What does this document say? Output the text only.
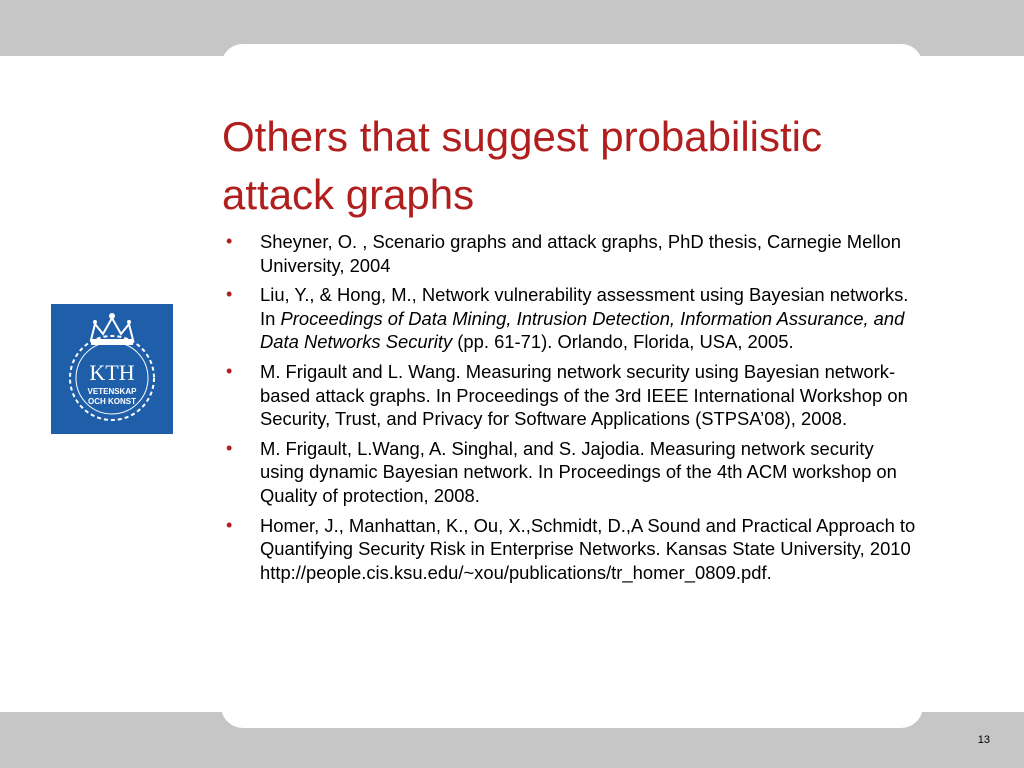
Others that suggest probabilistic attack graphs
• Sheyner, O. , Scenario graphs and attack graphs, PhD thesis, Carnegie Mellon University, 2004
• Liu, Y., & Hong, M., Network vulnerability assessment using Bayesian networks. In Proceedings of Data Mining, Intrusion Detection, Information Assurance, and Data Networks Security (pp. 61-71). Orlando, Florida, USA, 2005.
• M. Frigault and L. Wang. Measuring network security using Bayesian network-based attack graphs. In Proceedings of the 3rd IEEE International Workshop on Security, Trust, and Privacy for Software Applications (STPSA’08), 2008.
• M. Frigault, L.Wang, A. Singhal, and S. Jajodia. Measuring network security using dynamic Bayesian network. In Proceedings of the 4th ACM workshop on Quality of protection, 2008.
• Homer, J., Manhattan, K., Ou, X.,Schmidt, D.,A Sound and Practical Approach to Quantifying Security Risk in Enterprise Networks. Kansas State University, 2010 http://people.cis.ksu.edu/~xou/publications/tr_homer_0809.pdf.
KTH
VETENSKAP
OCH KONST
13
